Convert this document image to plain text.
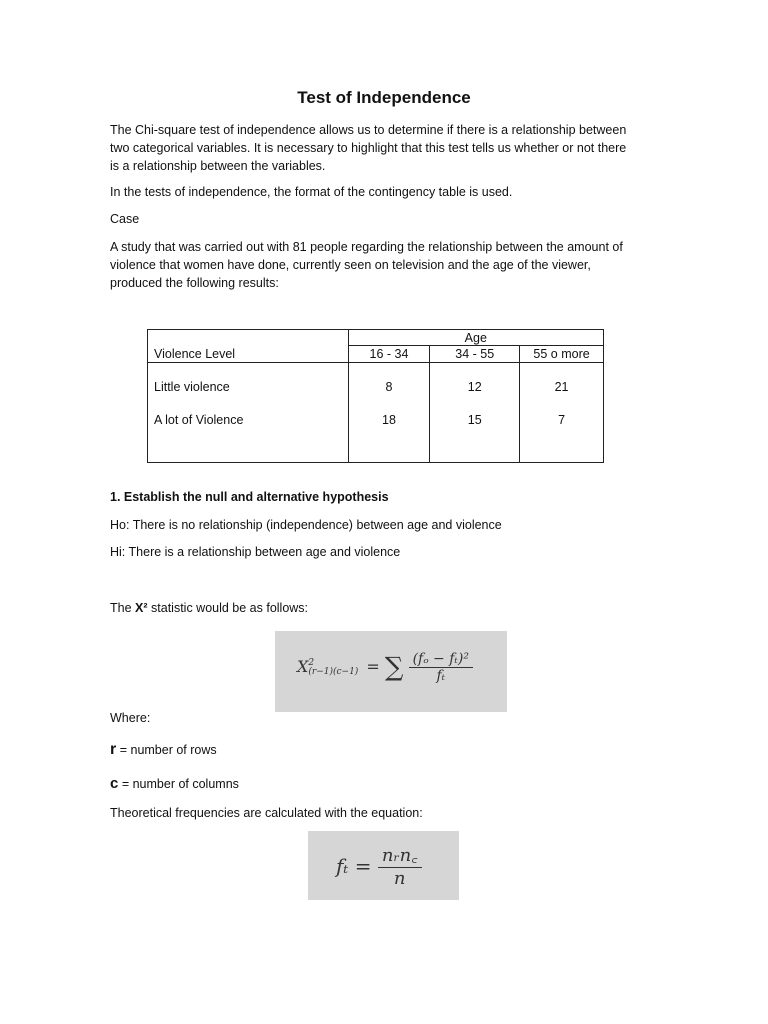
Test of Independence
The Chi-square test of independence allows us to determine if there is a relationship between
two categorical variables. It is necessary to highlight that this test tells us whether or not there
is a relationship between the variables.
In the tests of independence, the format of the contingency table is used.
Case
A study that was carried out with 81 people regarding the relationship between the amount of
violence that women have done, currently seen on television and the age of the viewer,
produced the following results:
	Age		
Violence Level	16 - 34	34 - 55	55 o more
Little violence	8	12	21
A lot of Violence	18	15	7

1. Establish the null and alternative hypothesis
Ho: There is no relationship (independence) between age and violence
Hi: There is a relationship between age and violence
The X² statistic would be as follows:
X 2
(r−1)(c−1) = ∑ $\frac{\text{(fₒ − fₜ)²}}{\text{fₜ}}$
Where:
r = number of rows
c = number of columns
Theoretical frequencies are calculated with the equation:
$f_t = \frac{\text{nᵣn꜀}}{n}$
